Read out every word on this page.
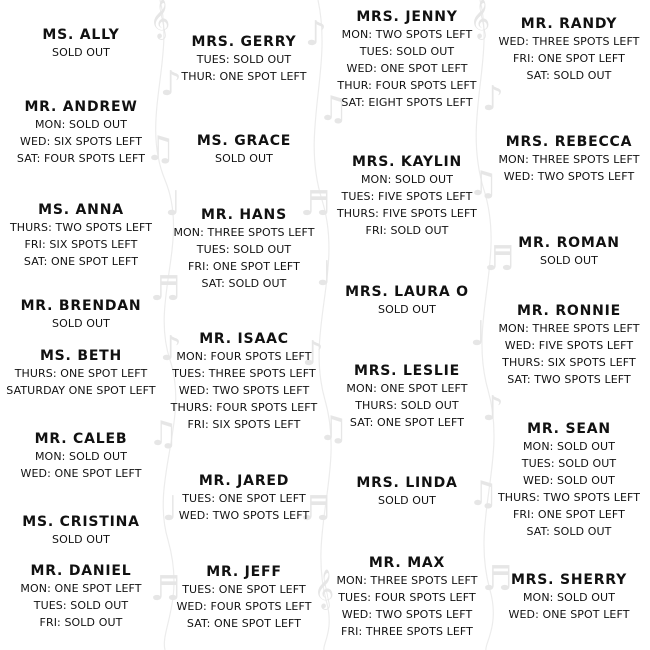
𝄞
♪
♫
♩
♬
♪
♫
♩
♬
♪
♫
♬
♩
♪
♫
♬
𝄞
𝄞
♪
♫
♬
♩
♪
♫
♬
MS. ALLY
SOLD OUT
MR. ANDREW
MON: SOLD OUT
WED: SIX SPOTS LEFT
SAT: FOUR SPOTS LEFT
MS. ANNA
THURS: TWO SPOTS LEFT
FRI: SIX SPOTS LEFT
SAT: ONE SPOT LEFT
MR. BRENDAN
SOLD OUT
MS. BETH
THURS: ONE SPOT LEFT
SATURDAY ONE SPOT LEFT
MR. CALEB
MON: SOLD OUT
WED: ONE SPOT LEFT
MS. CRISTINA
SOLD OUT
MR. DANIEL
MON: ONE SPOT LEFT
TUES: SOLD OUT
FRI: SOLD OUT
MRS. GERRY
TUES: SOLD OUT
THUR: ONE SPOT LEFT
MS. GRACE
SOLD OUT
MR. HANS
MON: THREE SPOTS LEFT
TUES: SOLD OUT
FRI: ONE SPOT LEFT
SAT: SOLD OUT
MR. ISAAC
MON: FOUR SPOTS LEFT
TUES: THREE SPOTS LEFT
WED: TWO SPOTS LEFT
THURS: FOUR SPOTS LEFT
FRI: SIX SPOTS LEFT
MR. JARED
TUES: ONE SPOT LEFT
WED: TWO SPOTS LEFT
MR. JEFF
TUES: ONE SPOT LEFT
WED: FOUR SPOTS LEFT
SAT: ONE SPOT LEFT
MRS. JENNY
MON: TWO SPOTS LEFT
TUES: SOLD OUT
WED: ONE SPOT LEFT
THUR: FOUR SPOTS LEFT
SAT: EIGHT SPOTS LEFT
MRS. KAYLIN
MON: SOLD OUT
TUES: FIVE SPOTS LEFT
THURS: FIVE SPOTS LEFT
FRI: SOLD OUT
MRS. LAURA O
SOLD OUT
MRS. LESLIE
MON: ONE SPOT LEFT
THURS: SOLD OUT
SAT: ONE SPOT LEFT
MRS. LINDA
SOLD OUT
MR. MAX
MON: THREE SPOTS LEFT
TUES: FOUR SPOTS LEFT
WED: TWO SPOTS LEFT
FRI: THREE SPOTS LEFT
MR. RANDY
WED: THREE SPOTS LEFT
FRI: ONE SPOT LEFT
SAT: SOLD OUT
MRS. REBECCA
MON: THREE SPOTS LEFT
WED: TWO SPOTS LEFT
MR. ROMAN
SOLD OUT
MR. RONNIE
MON: THREE SPOTS LEFT
WED: FIVE SPOTS LEFT
THURS: SIX SPOTS LEFT
SAT: TWO SPOTS LEFT
MR. SEAN
MON: SOLD OUT
TUES: SOLD OUT
WED: SOLD OUT
THURS: TWO SPOTS LEFT
FRI: ONE SPOT LEFT
SAT: SOLD OUT
MRS. SHERRY
MON: SOLD OUT
WED: ONE SPOT LEFT
